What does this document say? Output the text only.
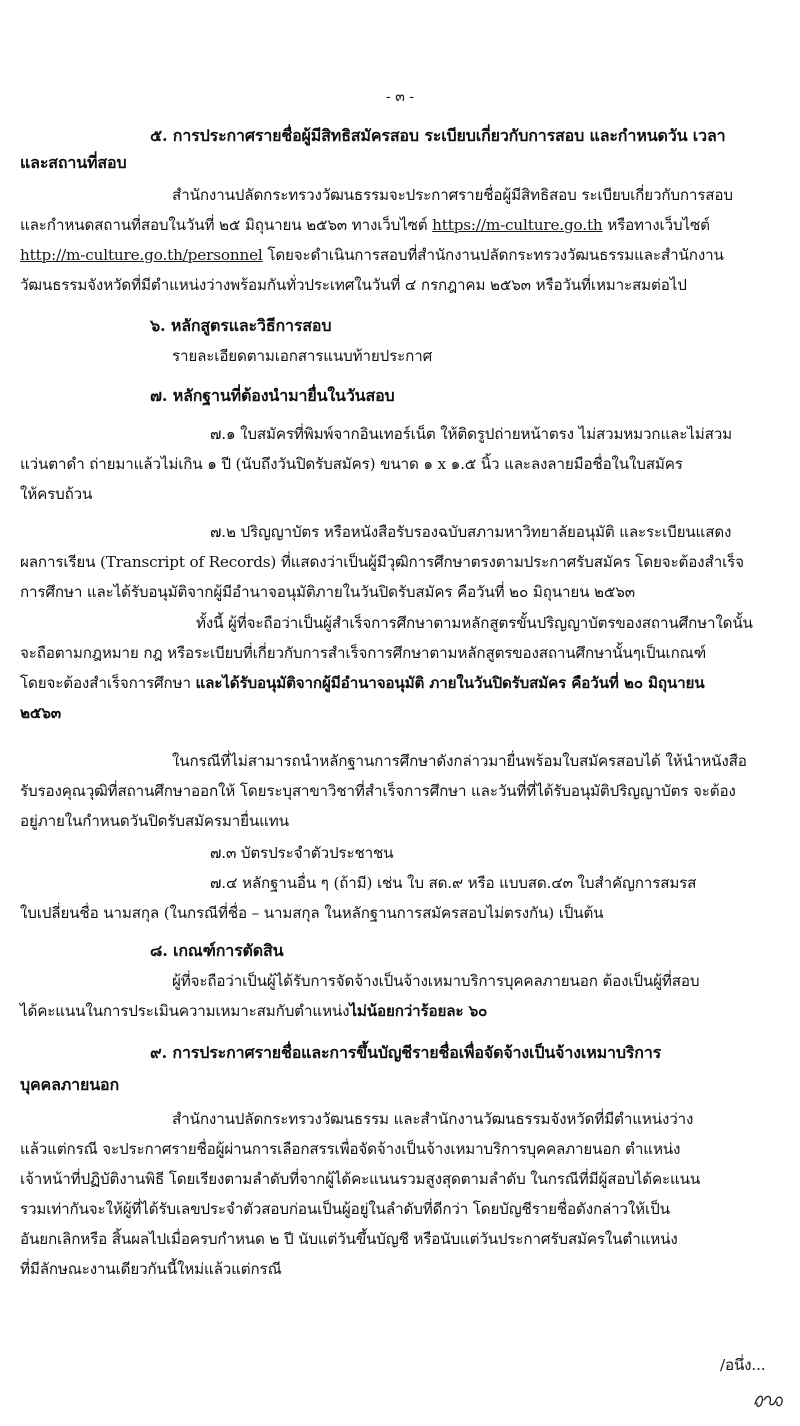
- ๓ -
๕. การประกาศรายชื่อผู้มีสิทธิสมัครสอบ ระเบียบเกี่ยวกับการสอบ และกำหนดวัน เวลา
และสถานที่สอบ
สำนักงานปลัดกระทรวงวัฒนธรรมจะประกาศรายชื่อผู้มีสิทธิสอบ ระเบียบเกี่ยวกับการสอบ
และกำหนดสถานที่สอบในวันที่ ๒๕ มิถุนายน ๒๕๖๓ ทางเว็บไซต์ https://m-culture.go.th หรือทางเว็บไซต์
http://m-culture.go.th/personnel โดยจะดำเนินการสอบที่สำนักงานปลัดกระทรวงวัฒนธรรมและสำนักงาน
วัฒนธรรมจังหวัดที่มีตำแหน่งว่างพร้อมกันทั่วประเทศในวันที่ ๔ กรกฎาคม ๒๕๖๓ หรือวันที่เหมาะสมต่อไป
๖. หลักสูตรและวิธีการสอบ
รายละเอียดตามเอกสารแนบท้ายประกาศ
๗. หลักฐานที่ต้องนำมายื่นในวันสอบ
๗.๑ ใบสมัครที่พิมพ์จากอินเทอร์เน็ต ให้ติดรูปถ่ายหน้าตรง ไม่สวมหมวกและไม่สวม
แว่นตาดำ ถ่ายมาแล้วไม่เกิน ๑ ปี (นับถึงวันปิดรับสมัคร) ขนาด ๑ x ๑.๕ นิ้ว และลงลายมือชื่อในใบสมัคร
ให้ครบถ้วน
๗.๒ ปริญญาบัตร หรือหนังสือรับรองฉบับสภามหาวิทยาลัยอนุมัติ และระเบียนแสดง
ผลการเรียน (Transcript of Records) ที่แสดงว่าเป็นผู้มีวุฒิการศึกษาตรงตามประกาศรับสมัคร โดยจะต้องสำเร็จ
การศึกษา และได้รับอนุมัติจากผู้มีอำนาจอนุมัติภายในวันปิดรับสมัคร คือวันที่ ๒๐ มิถุนายน ๒๕๖๓
ทั้งนี้ ผู้ที่จะถือว่าเป็นผู้สำเร็จการศึกษาตามหลักสูตรขั้นปริญญาบัตรของสถานศึกษาใดนั้น
จะถือตามกฎหมาย กฎ หรือระเบียบที่เกี่ยวกับการสำเร็จการศึกษาตามหลักสูตรของสถานศึกษานั้นๆเป็นเกณฑ์
โดยจะต้องสำเร็จการศึกษา และได้รับอนุมัติจากผู้มีอำนาจอนุมัติ ภายในวันปิดรับสมัคร คือวันที่ ๒๐ มิถุนายน
๒๕๖๓
ในกรณีที่ไม่สามารถนำหลักฐานการศึกษาดังกล่าวมายื่นพร้อมใบสมัครสอบได้ ให้นำหนังสือ
รับรองคุณวุฒิที่สถานศึกษาออกให้ โดยระบุสาขาวิชาที่สำเร็จการศึกษา และวันที่ที่ได้รับอนุมัติปริญญาบัตร จะต้อง
อยู่ภายในกำหนดวันปิดรับสมัครมายื่นแทน
๗.๓ บัตรประจำตัวประชาชน
๗.๔ หลักฐานอื่น ๆ (ถ้ามี) เช่น ใบ สด.๙ หรือ แบบสด.๔๓ ใบสำคัญการสมรส
ใบเปลี่ยนชื่อ นามสกุล (ในกรณีที่ชื่อ – นามสกุล ในหลักฐานการสมัครสอบไม่ตรงกัน) เป็นต้น
๘. เกณฑ์การตัดสิน
ผู้ที่จะถือว่าเป็นผู้ได้รับการจัดจ้างเป็นจ้างเหมาบริการบุคคลภายนอก ต้องเป็นผู้ที่สอบ
ได้คะแนนในการประเมินความเหมาะสมกับตำแหน่งไม่น้อยกว่าร้อยละ ๖๐
๙. การประกาศรายชื่อและการขึ้นบัญชีรายชื่อเพื่อจัดจ้างเป็นจ้างเหมาบริการ
บุคคลภายนอก
สำนักงานปลัดกระทรวงวัฒนธรรม และสำนักงานวัฒนธรรมจังหวัดที่มีตำแหน่งว่าง
แล้วแต่กรณี จะประกาศรายชื่อผู้ผ่านการเลือกสรรเพื่อจัดจ้างเป็นจ้างเหมาบริการบุคคลภายนอก ตำแหน่ง
เจ้าหน้าที่ปฏิบัติงานพิธี โดยเรียงตามลำดับที่จากผู้ได้คะแนนรวมสูงสุดตามลำดับ ในกรณีที่มีผู้สอบได้คะแนน
รวมเท่ากันจะให้ผู้ที่ได้รับเลขประจำตัวสอบก่อนเป็นผู้อยู่ในลำดับที่ดีกว่า โดยบัญชีรายชื่อดังกล่าวให้เป็น
อันยกเลิกหรือ สิ้นผลไปเมื่อครบกำหนด ๒ ปี นับแต่วันขึ้นบัญชี หรือนับแต่วันประกาศรับสมัครในตำแหน่ง
ที่มีลักษณะงานเดียวกันนี้ใหม่แล้วแต่กรณี
/อนึ่ง...
